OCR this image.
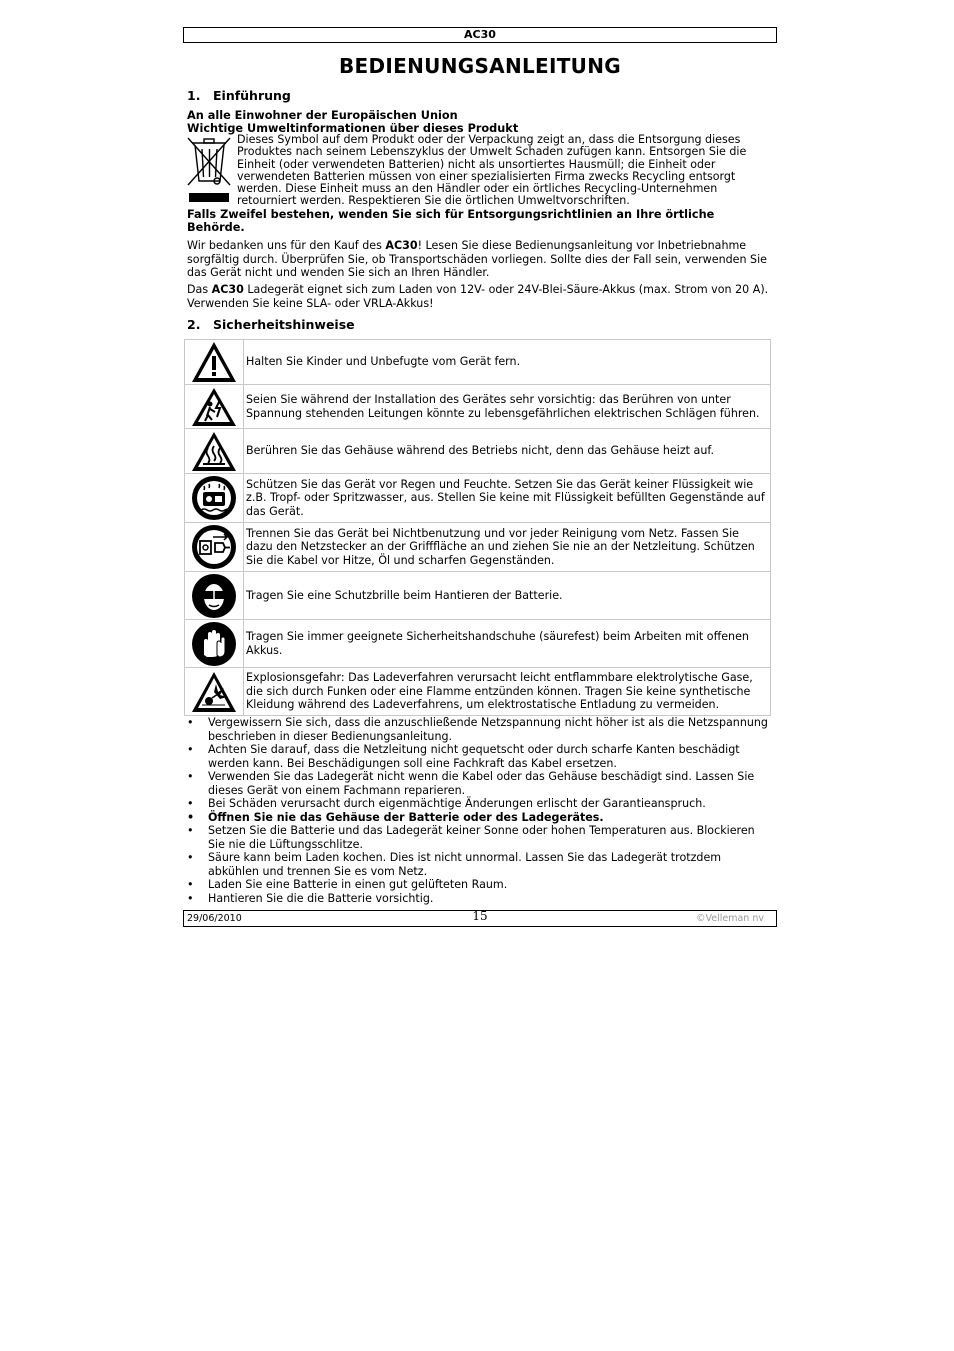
AC30
BEDIENUNGSANLEITUNG
1. Einführung
An alle Einwohner der Europäischen Union
Wichtige Umweltinformationen über dieses Produkt
Dieses Symbol auf dem Produkt oder der Verpackung zeigt an, dass die Entsorgung dieses Produktes nach seinem Lebenszyklus der Umwelt Schaden zufügen kann. Entsorgen Sie die Einheit (oder verwendeten Batterien) nicht als unsortiertes Hausmüll; die Einheit oder verwendeten Batterien müssen von einer spezialisierten Firma zwecks Recycling entsorgt werden. Diese Einheit muss an den Händler oder ein örtliches Recycling-Unternehmen retourniert werden. Respektieren Sie die örtlichen Umweltvorschriften.
Falls Zweifel bestehen, wenden Sie sich für Entsorgungsrichtlinien an Ihre örtliche Behörde.
Wir bedanken uns für den Kauf des AC30! Lesen Sie diese Bedienungsanleitung vor Inbetriebnahme sorgfältig durch. Überprüfen Sie, ob Transportschäden vorliegen. Sollte dies der Fall sein, verwenden Sie das Gerät nicht und wenden Sie sich an Ihren Händler.
Das AC30 Ladegerät eignet sich zum Laden von 12V- oder 24V-Blei-Säure-Akkus (max. Strom von 20 A). Verwenden Sie keine SLA- oder VRLA-Akkus!
2. Sicherheitshinweise
	Halten Sie Kinder und Unbefugte vom Gerät fern.

	Seien Sie während der Installation des Gerätes sehr vorsichtig: das Berühren von unter Spannung stehenden Leitungen könnte zu lebensgefährlichen elektrischen Schlägen führen.

	Berühren Sie das Gehäuse während des Betriebs nicht, denn das Gehäuse heizt auf.

	Schützen Sie das Gerät vor Regen und Feuchte. Setzen Sie das Gerät keiner Flüssigkeit wie z.B. Tropf- oder Spritzwasser, aus. Stellen Sie keine mit Flüssigkeit befüllten Gegenstände auf das Gerät.

	Trennen Sie das Gerät bei Nichtbenutzung und vor jeder Reinigung vom Netz. Fassen Sie dazu den Netzstecker an der Grifffläche an und ziehen Sie nie an der Netzleitung. Schützen Sie die Kabel vor Hitze, Öl und scharfen Gegenständen.

	Tragen Sie eine Schutzbrille beim Hantieren der Batterie.

	Tragen Sie immer geeignete Sicherheitshandschuhe (säurefest) beim Arbeiten mit offenen Akkus.

	Explosionsgefahr: Das Ladeverfahren verursacht leicht entflammbare elektrolytische Gase, die sich durch Funken oder eine Flamme entzünden können. Tragen Sie keine synthetische Kleidung während des Ladeverfahrens, um elektrostatische Entladung zu vermeiden.
• Vergewissern Sie sich, dass die anzuschließende Netzspannung nicht höher ist als die Netzspannung beschrieben in dieser Bedienungsanleitung.
• Achten Sie darauf, dass die Netzleitung nicht gequetscht oder durch scharfe Kanten beschädigt werden kann. Bei Beschädigungen soll eine Fachkraft das Kabel ersetzen.
• Verwenden Sie das Ladegerät nicht wenn die Kabel oder das Gehäuse beschädigt sind. Lassen Sie dieses Gerät von einem Fachmann reparieren.
• Bei Schäden verursacht durch eigenmächtige Änderungen erlischt der Garantieanspruch.
• Öffnen Sie nie das Gehäuse der Batterie oder des Ladegerätes.
• Setzen Sie die Batterie und das Ladegerät keiner Sonne oder hohen Temperaturen aus. Blockieren Sie nie die Lüftungsschlitze.
• Säure kann beim Laden kochen. Dies ist nicht unnormal. Lassen Sie das Ladegerät trotzdem abkühlen und trennen Sie es vom Netz.
• Laden Sie eine Batterie in einen gut gelüfteten Raum.
• Hantieren Sie die die Batterie vorsichtig.
29/06/2010	15	©Velleman nv
